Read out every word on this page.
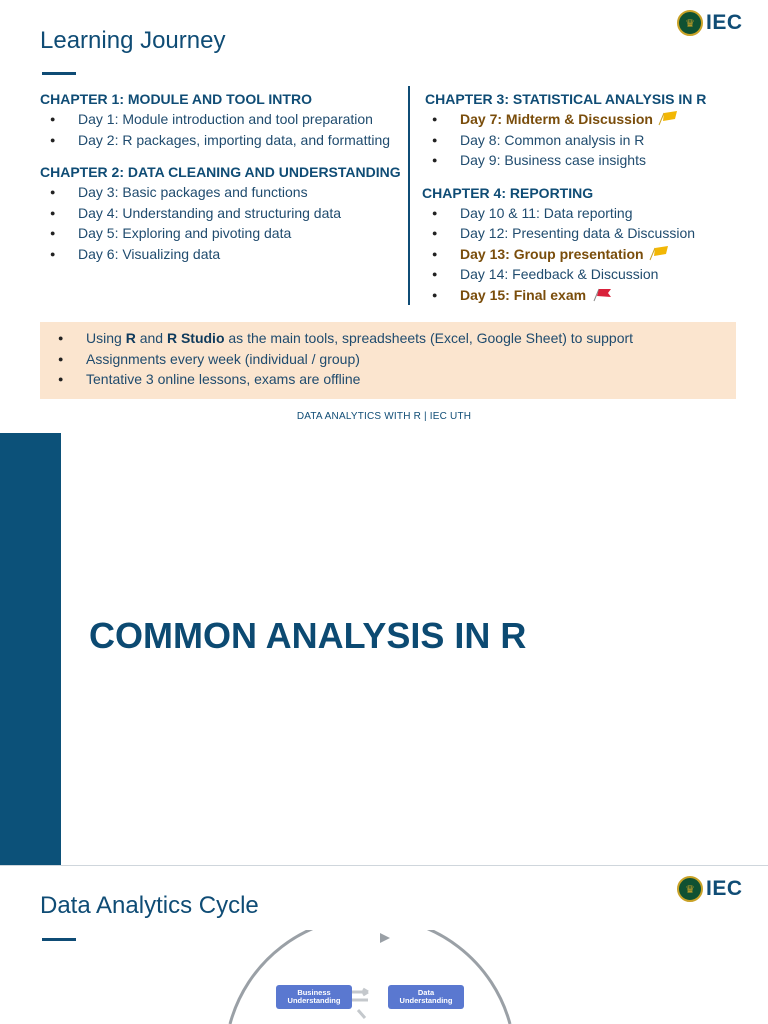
Learning Journey
♛ IEC
CHAPTER 1: MODULE AND TOOL INTRO
● Day 1: Module introduction and tool preparation
● Day 2: R packages, importing data, and formatting
CHAPTER 2: DATA CLEANING AND UNDERSTANDING
● Day 3: Basic packages and functions
● Day 4: Understanding and structuring data
● Day 5: Exploring and pivoting data
● Day 6: Visualizing data
CHAPTER 3: STATISTICAL ANALYSIS IN R
● Day 7: Midterm & Discussion
● Day 8: Common analysis in R
● Day 9: Business case insights
CHAPTER 4: REPORTING
● Day 10 & 11: Data reporting
● Day 12: Presenting data & Discussion
● Day 13: Group presentation
● Day 14: Feedback & Discussion
● Day 15: Final exam
● Using R and R Studio as the main tools, spreadsheets (Excel, Google Sheet) to support
● Assignments every week (individual / group)
● Tentative 3 online lessons, exams are offline
DATA ANALYTICS WITH R | IEC UTH
COMMON ANALYSIS IN R
Data Analytics Cycle
♛ IEC
Business
Understanding
Data
Understanding
